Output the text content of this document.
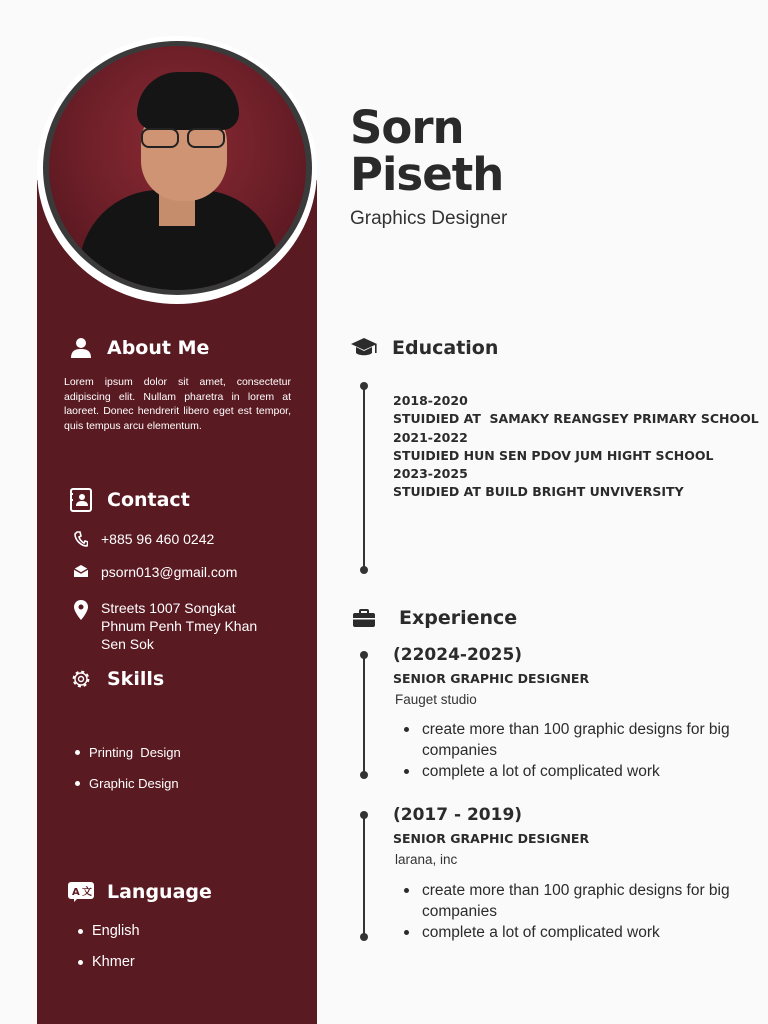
Sorn
Piseth
Graphics Designer
About Me
Lorem ipsum dolor sit amet, consectetur adipiscing elit. Nullam pharetra in lorem at laoreet. Donec hendrerit libero eget est tempor, quis tempus arcu elementum.
Contact
+885 96 460 0242
psorn013@gmail.com
Streets 1007 Songkat
Phnum Penh Tmey Khan
Sen Sok
Skills
Printing  Design
Graphic Design
A 文 Language
English
Khmer
Education
2018-2020
STUIDIED AT  SAMAKY REANGSEY PRIMARY SCHOOL
2021-2022
STUIDIED HUN SEN PDOV JUM HIGHT SCHOOL
2023-2025
STUIDIED AT BUILD BRIGHT UNVIVERSITY
Experience
(22024-2025)
SENIOR GRAPHIC DESIGNER
Fauget studio
create more than 100 graphic designs for big companies
complete a lot of complicated work
(2017 - 2019)
SENIOR GRAPHIC DESIGNER
larana, inc
create more than 100 graphic designs for big companies
complete a lot of complicated work
